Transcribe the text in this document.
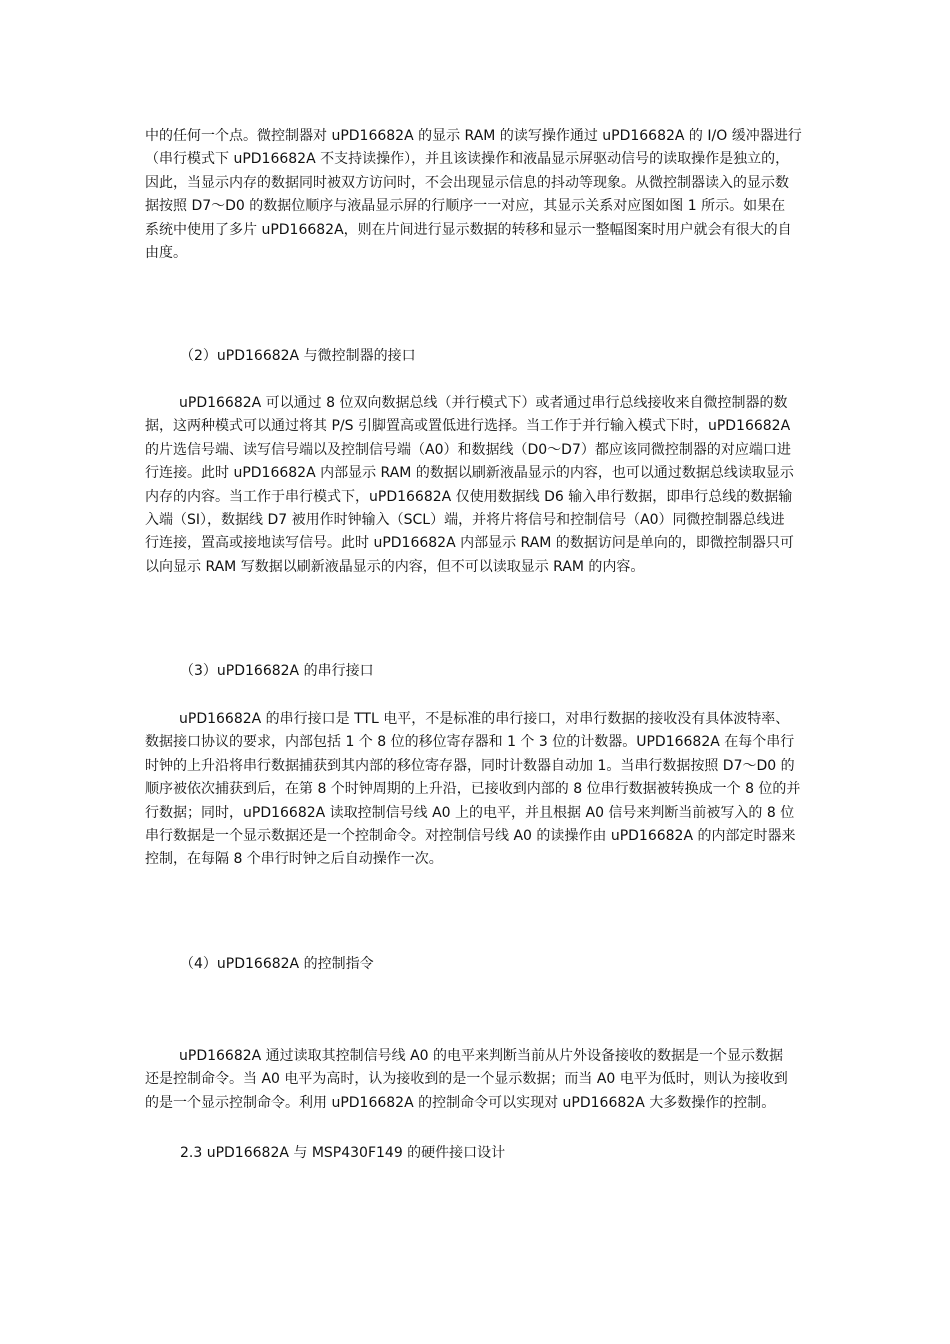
中的任何一个点。微控制器对 uPD16682A 的显示 RAM 的读写操作通过 uPD16682A 的 I/O 缓冲器进行
（串行模式下 uPD16682A 不支持读操作），并且该读操作和液晶显示屏驱动信号的读取操作是独立的，
因此，当显示内存的数据同时被双方访问时，不会出现显示信息的抖动等现象。从微控制器读入的显示数
据按照 D7～D0 的数据位顺序与液晶显示屏的行顺序一一对应，其显示关系对应图如图 1 所示。如果在
系统中使用了多片 uPD16682A，则在片间进行显示数据的转移和显示一整幅图案时用户就会有很大的自
由度。
（2）uPD16682A 与微控制器的接口
uPD16682A 可以通过 8 位双向数据总线（并行模式下）或者通过串行总线接收来自微控制器的数
据，这两种模式可以通过将其 P/S 引脚置高或置低进行选择。当工作于并行输入模式下时，uPD16682A
的片选信号端、读写信号端以及控制信号端（A0）和数据线（D0～D7）都应该同微控制器的对应端口进
行连接。此时 uPD16682A 内部显示 RAM 的数据以刷新液晶显示的内容，也可以通过数据总线读取显示
内存的内容。当工作于串行模式下，uPD16682A 仅使用数据线 D6 输入串行数据，即串行总线的数据输
入端（SI），数据线 D7 被用作时钟输入（SCL）端，并将片将信号和控制信号（A0）同微控制器总线进
行连接，置高或接地读写信号。此时 uPD16682A 内部显示 RAM 的数据访问是单向的，即微控制器只可
以向显示 RAM 写数据以刷新液晶显示的内容，但不可以读取显示 RAM 的内容。
（3）uPD16682A 的串行接口
uPD16682A 的串行接口是 TTL 电平，不是标准的串行接口，对串行数据的接收没有具体波特率、
数据接口协议的要求，内部包括 1 个 8 位的移位寄存器和 1 个 3 位的计数器。UPD16682A 在每个串行
时钟的上升沿将串行数据捕获到其内部的移位寄存器，同时计数器自动加 1。当串行数据按照 D7～D0 的
顺序被依次捕获到后，在第 8 个时钟周期的上升沿，已接收到内部的 8 位串行数据被转换成一个 8 位的并
行数据；同时，uPD16682A 读取控制信号线 A0 上的电平，并且根据 A0 信号来判断当前被写入的 8 位
串行数据是一个显示数据还是一个控制命令。对控制信号线 A0 的读操作由 uPD16682A 的内部定时器来
控制，在每隔 8 个串行时钟之后自动操作一次。
（4）uPD16682A 的控制指令
uPD16682A 通过读取其控制信号线 A0 的电平来判断当前从片外设备接收的数据是一个显示数据
还是控制命令。当 A0 电平为高时，认为接收到的是一个显示数据；而当 A0 电平为低时，则认为接收到
的是一个显示控制命令。利用 uPD16682A 的控制命令可以实现对 uPD16682A 大多数操作的控制。
2.3 uPD16682A 与 MSP430F149 的硬件接口设计
